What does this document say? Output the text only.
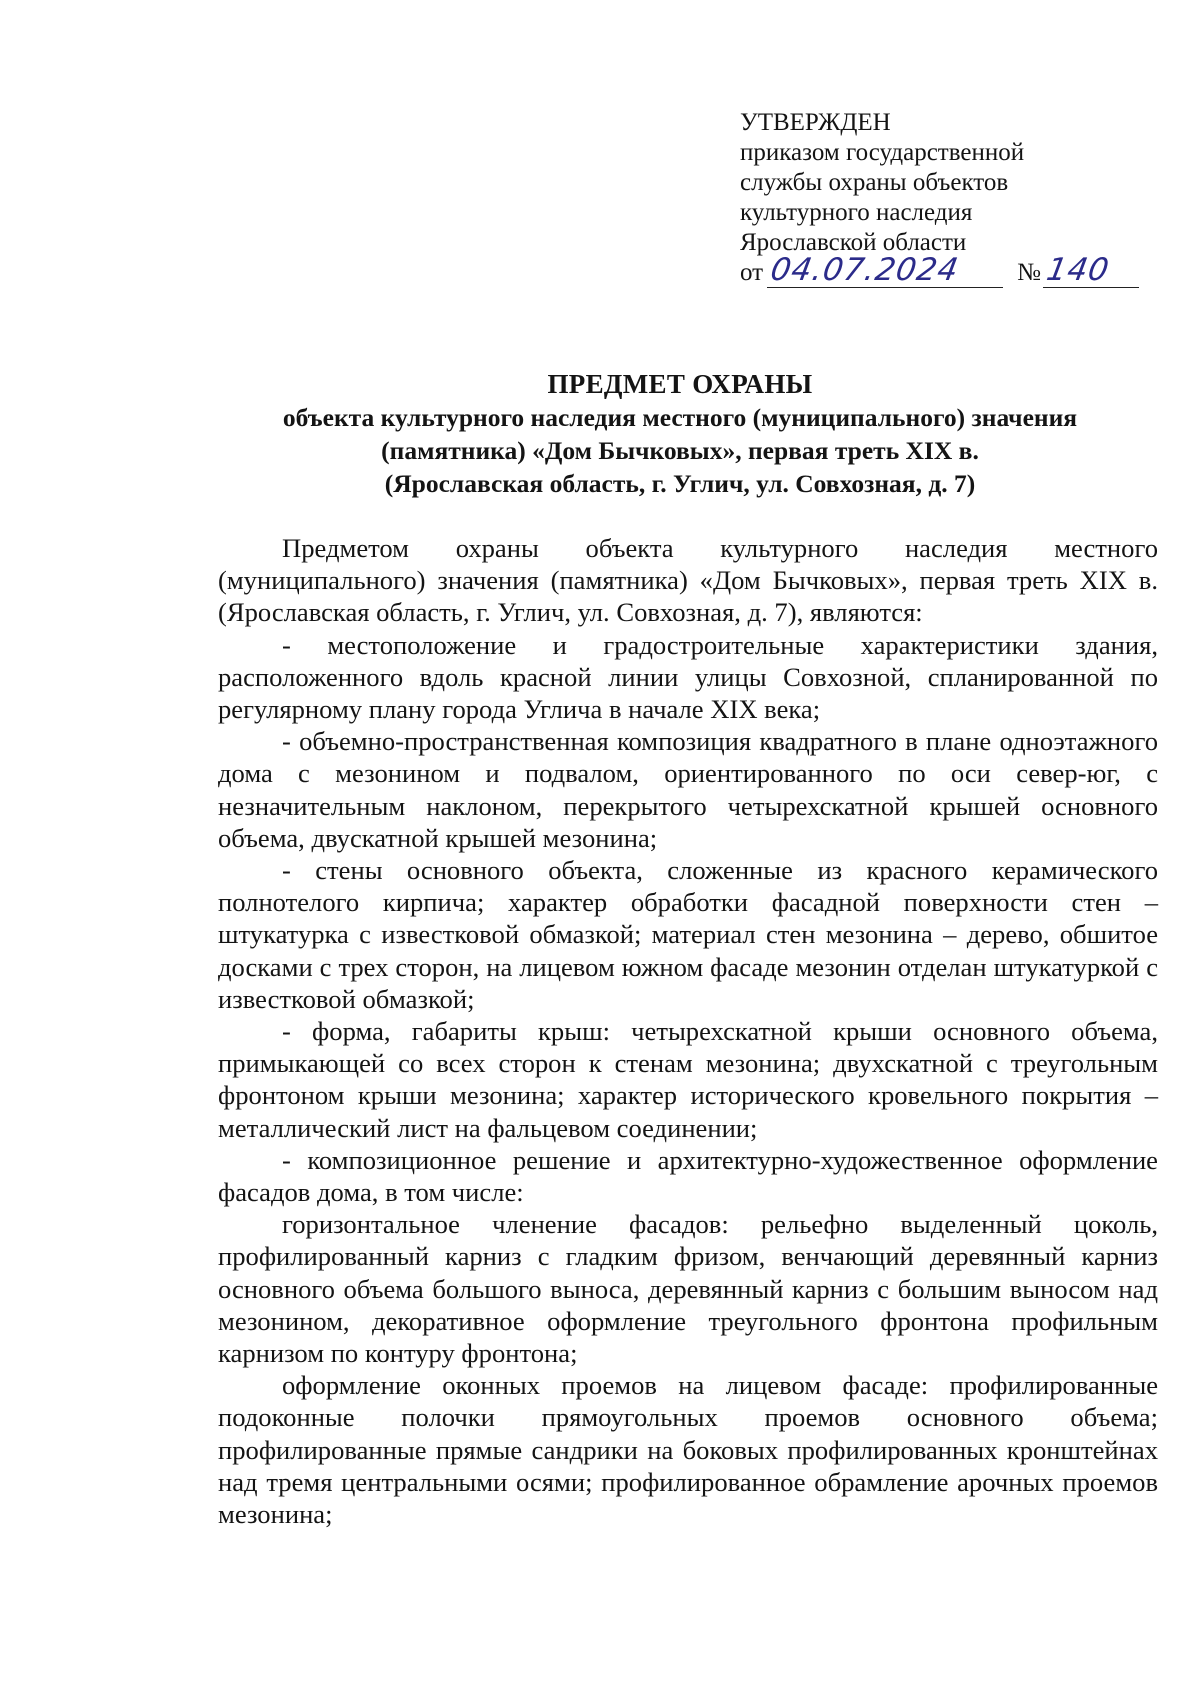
УТВЕРЖДЕН
приказом государственной
службы охраны объектов
культурного наследия
Ярославской области
от 04.07.2024 № 140
ПРЕДМЕТ ОХРАНЫ
объекта культурного наследия местного (муниципального) значения
(памятника) «Дом Бычковых», первая треть XIX в.
(Ярославская область, г. Углич, ул. Совхозная, д. 7)

Предметом охраны объекта культурного наследия местного (муниципального) значения (памятника) «Дом Бычковых», первая треть XIX в. (Ярославская область, г. Углич, ул. Совхозная, д. 7), являются:

- местоположение и градостроительные характеристики здания, расположенного вдоль красной линии улицы Совхозной, спланированной по регулярному плану города Углича в начале XIX века;

- объемно-пространственная композиция квадратного в плане одноэтажного дома с мезонином и подвалом, ориентированного по оси север-юг, с незначительным наклоном, перекрытого четырехскатной крышей основного объема, двускатной крышей мезонина;

- стены основного объекта, сложенные из красного керамического полнотелого кирпича; характер обработки фасадной поверхности стен – штукатурка с известковой обмазкой; материал стен мезонина – дерево, обшитое досками с трех сторон, на лицевом южном фасаде мезонин отделан штукатуркой с известковой обмазкой;

- форма, габариты крыш: четырехскатной крыши основного объема, примыкающей со всех сторон к стенам мезонина; двухскатной с треугольным фронтоном крыши мезонина; характер исторического кровельного покрытия – металлический лист на фальцевом соединении;

- композиционное решение и архитектурно-художественное оформление фасадов дома, в том числе:

горизонтальное членение фасадов: рельефно выделенный цоколь, профилированный карниз с гладким фризом, венчающий деревянный карниз основного объема большого выноса, деревянный карниз с большим выносом над мезонином, декоративное оформление треугольного фронтона профильным карнизом по контуру фронтона;

оформление оконных проемов на лицевом фасаде: профилированные подоконные полочки прямоугольных проемов основного объема; профилированные прямые сандрики на боковых профилированных кронштейнах над тремя центральными осями; профилированное обрамление арочных проемов мезонина;
